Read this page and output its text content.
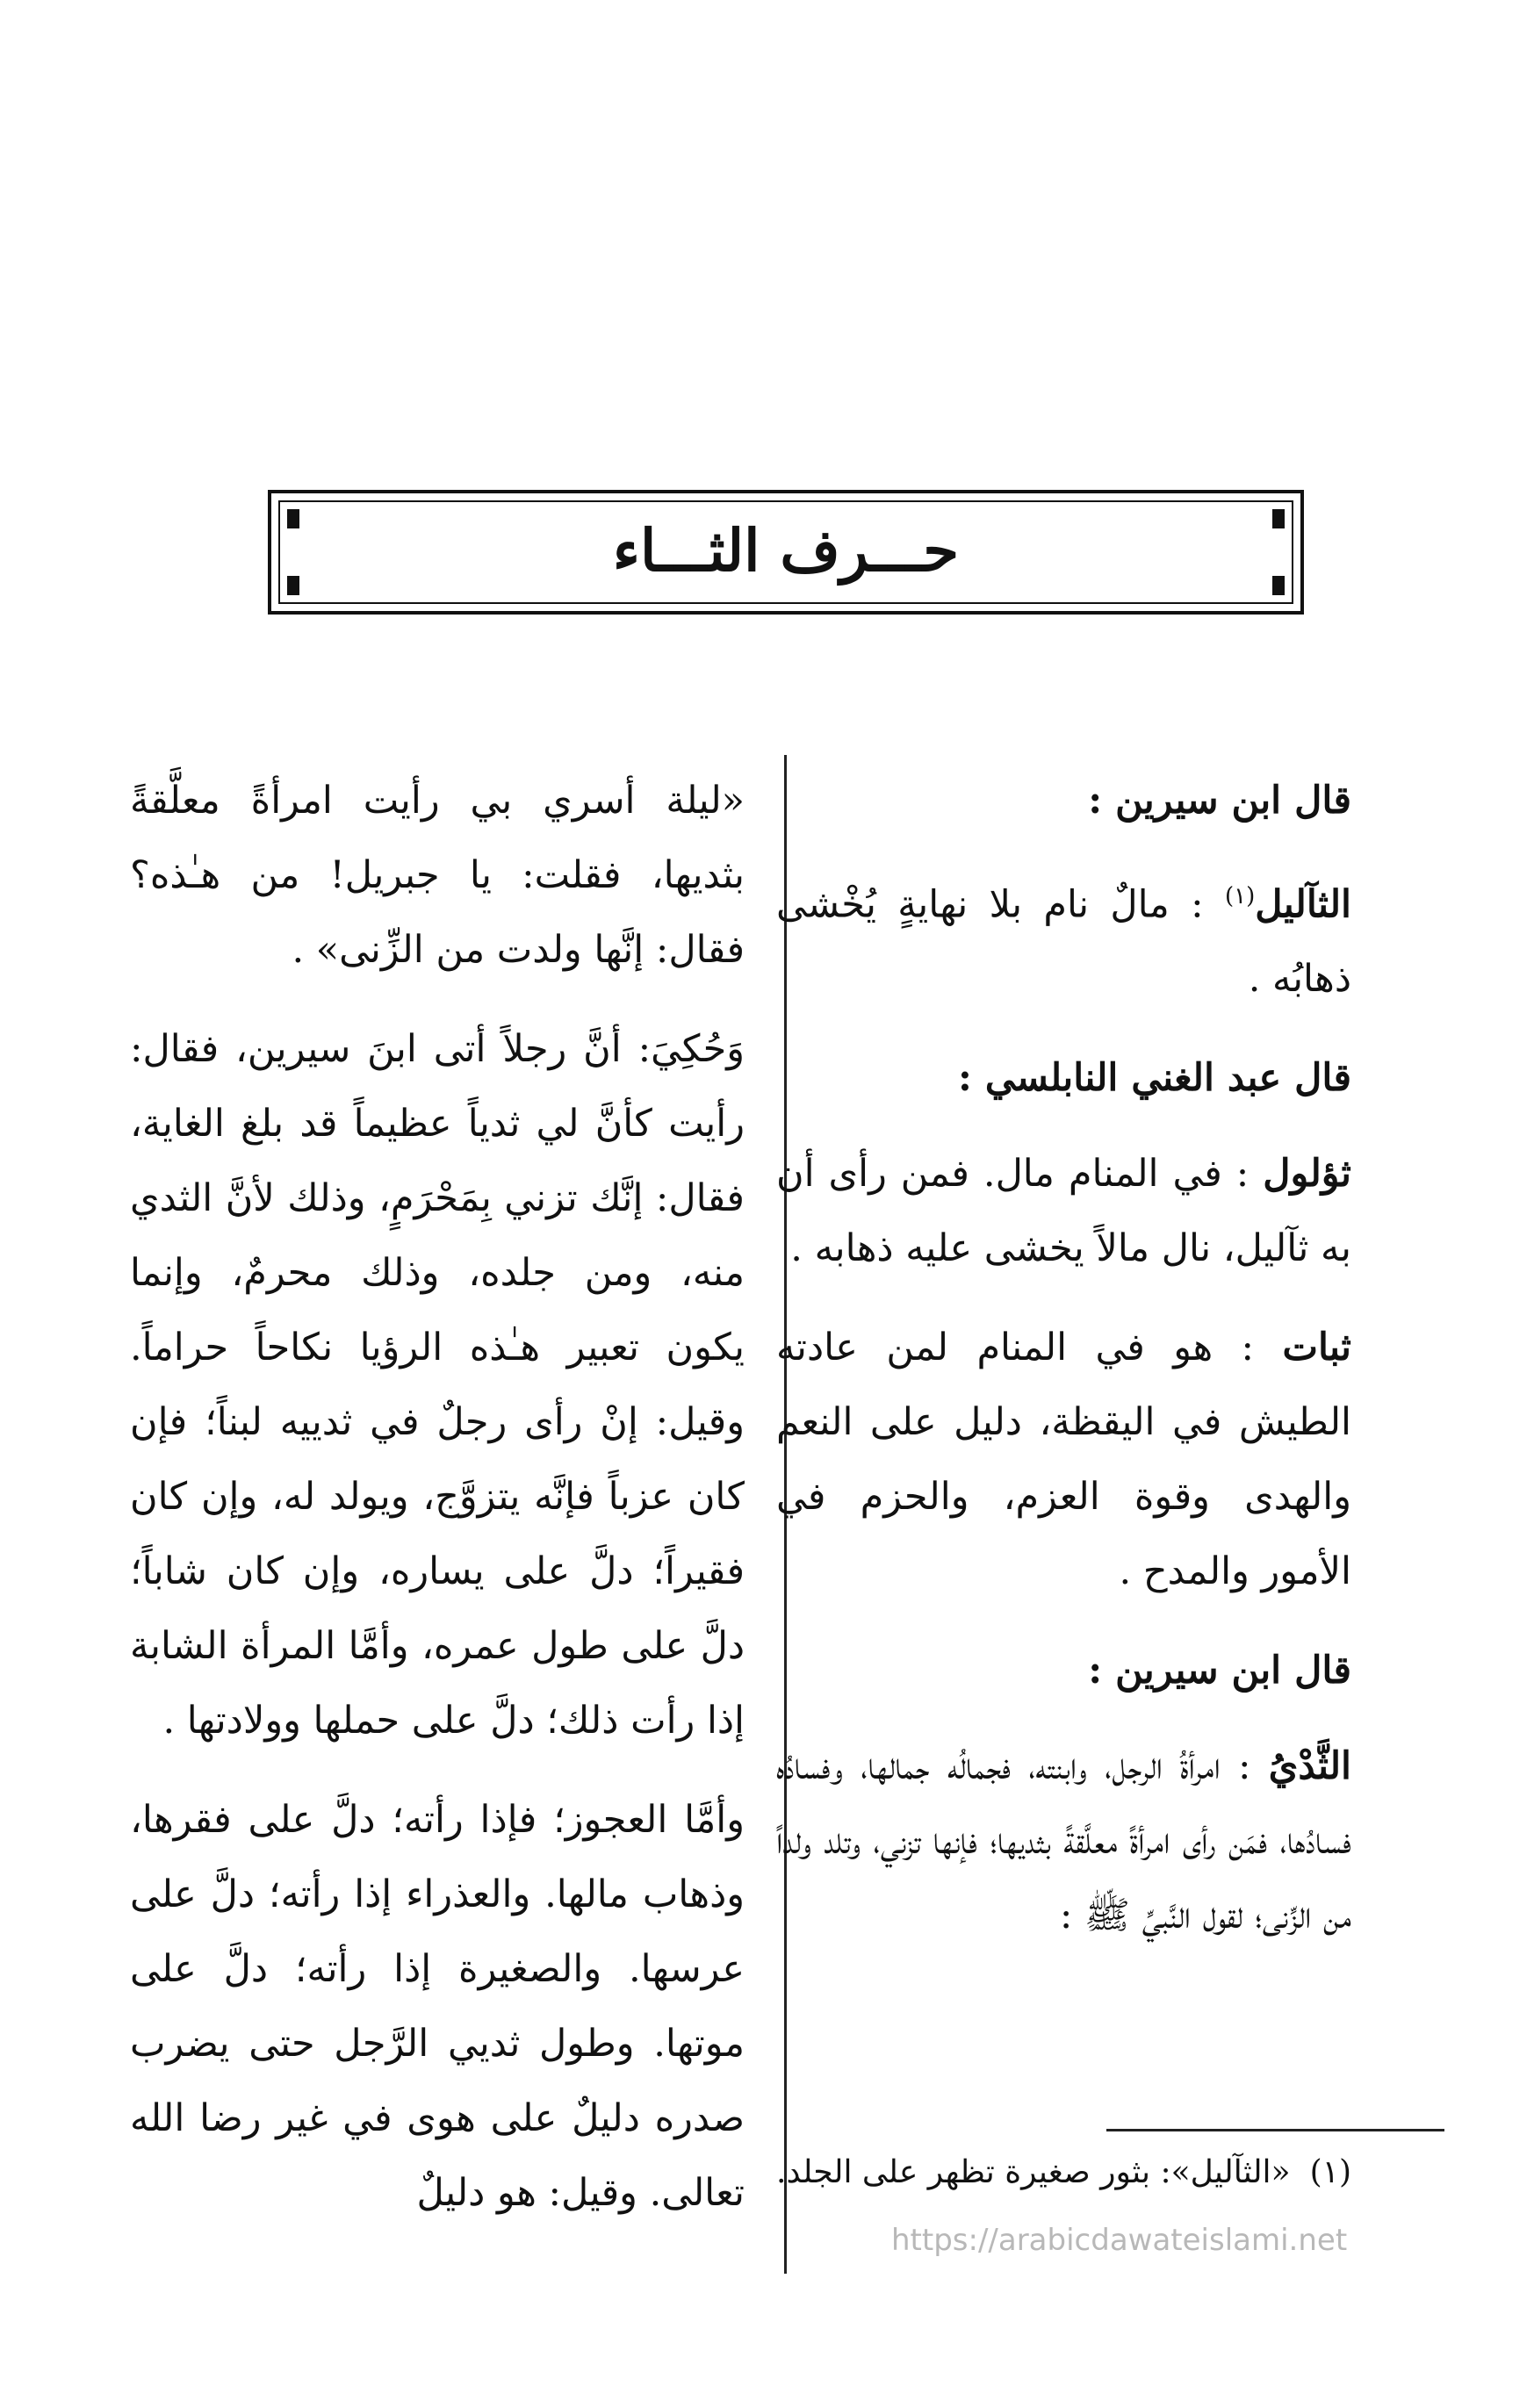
حـــرف الثـــاء

قال ابن سيرين :

الثآليل$^{(١)}$ : مالٌ نام بلا نهايةٍ يُخْشى ذهابُه .

قال عبد الغني النابلسي :

ثؤلول : في المنام مال. فمن رأى أن به ثآليل، نال مالاً يخشى عليه ذهابه .

ثبات : هو في المنام لمن عادته الطيش في اليقظة، دليل على النعم والهدى وقوة العزم، والحزم في الأمور والمدح .

قال ابن سيرين :

الثَّدْيُ : امرأةُ الرجل، وابنته، فجمالُه جمالها، وفسادُه فسادُها، فمَن رأى امرأةً معلَّقةً بثديها؛ فإنها تزني، وتلد ولداً من الزِّنى؛ لقول النَّبيِّ ﷺ :

«ليلة أسري بي رأيت امرأةً معلَّقةً بثديها، فقلت: يا جبريل! من هـٰذه؟ فقال: إنَّها ولدت من الزِّنى» .

وَحُكِيَ: أنَّ رجلاً أتى ابنَ سيرين، فقال: رأيت كأنَّ لي ثدياً عظيماً قد بلغ الغاية، فقال: إنَّك تزني بِمَحْرَمٍ، وذلك لأنَّ الثدي منه، ومن جلده، وذلك محرمٌ، وإنما يكون تعبير هـٰذه الرؤيا نكاحاً حراماً. وقيل: إنْ رأى رجلٌ في ثدييه لبناً؛ فإن كان عزباً فإنَّه يتزوَّج، ويولد له، وإن كان فقيراً؛ دلَّ على يساره، وإن كان شاباً؛ دلَّ على طول عمره، وأمَّا المرأة الشابة إذا رأت ذلك؛ دلَّ على حملها وولادتها .

وأمَّا العجوز؛ فإذا رأته؛ دلَّ على فقرها، وذهاب مالها. والعذراء إذا رأته؛ دلَّ على عرسها. والصغيرة إذا رأته؛ دلَّ على موتها. وطول ثديي الرَّجل حتى يضرب صدره دليلٌ على هوى في غير رضا الله تعالى. وقيل: هو دليلٌ	(١)«الثآليل»: بثور صغيرة تظهر على الجلد.
https://arabicdawateislami.net
